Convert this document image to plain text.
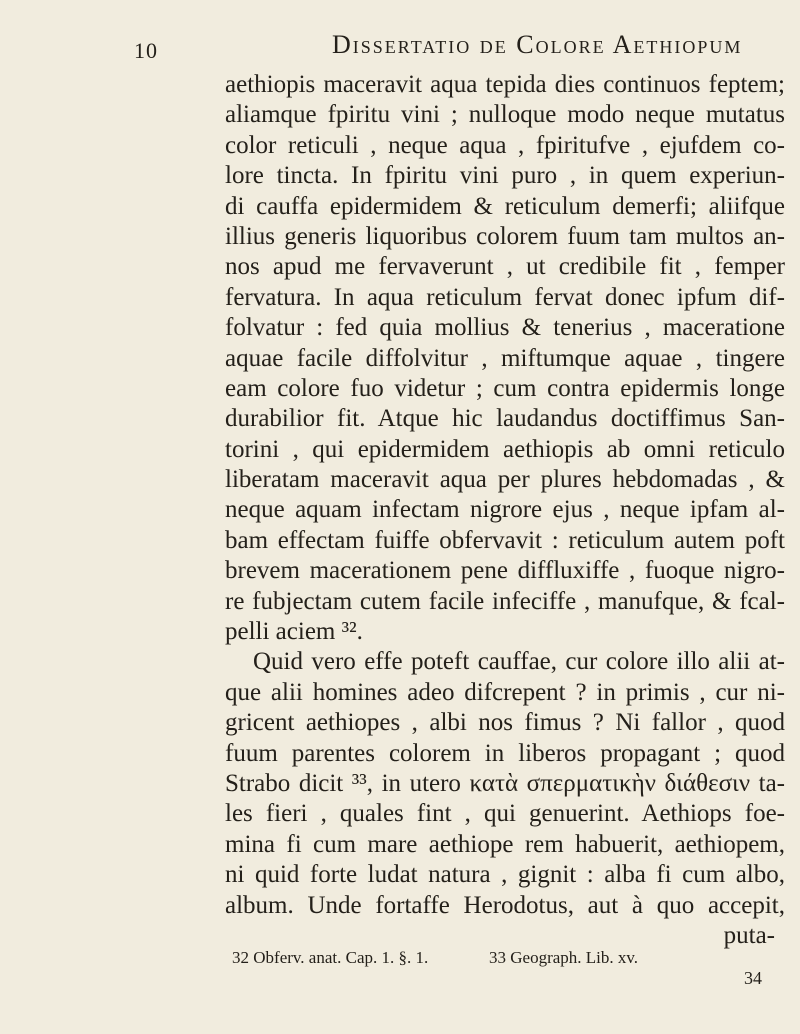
10	Dissertatio de Colore Aethiopum
aethiopis maceravit aqua tepida dies continuos feptem;
aliamque fpiritu vini ; nulloque modo neque mutatus
color reticuli , neque aqua , fpiritufve , ejufdem co-
lore tincta. In fpiritu vini puro , in quem experiun-
di cauffa epidermidem & reticulum demerfi; aliifque
illius generis liquoribus colorem fuum tam multos an-
nos apud me fervaverunt , ut credibile fit , femper
fervatura. In aqua reticulum fervat donec ipfum dif-
folvatur : fed quia mollius & tenerius , maceratione
aquae facile diffolvitur , miftumque aquae , tingere
eam colore fuo videtur ; cum contra epidermis longe
durabilior fit. Atque hic laudandus doctiffimus San-
torini , qui epidermidem aethiopis ab omni reticulo
liberatam maceravit aqua per plures hebdomadas , &
neque aquam infectam nigrore ejus , neque ipfam al-
bam effectam fuiffe obfervavit : reticulum autem poft
brevem macerationem pene diffluxiffe , fuoque nigro-
re fubjectam cutem facile infeciffe , manufque, & fcal-
pelli aciem ³².
Quid vero effe poteft cauffae, cur colore illo alii at-
que alii homines adeo difcrepent ? in primis , cur ni-
gricent aethiopes , albi nos fimus ? Ni fallor , quod
fuum parentes colorem in liberos propagant ; quod
Strabo dicit ³³, in utero κατὰ σπερματικὴν διάθεσιν ta-
les fieri , quales fint , qui genuerint. Aethiops foe-
mina fi cum mare aethiope rem habuerit, aethiopem,
ni quid forte ludat natura , gignit : alba fi cum albo,
album. Unde fortaffe Herodotus, aut à quo accepit,
puta-
32 Obferv. anat. Cap. 1. §. 1.	33 Geograph. Lib. xv.
34
